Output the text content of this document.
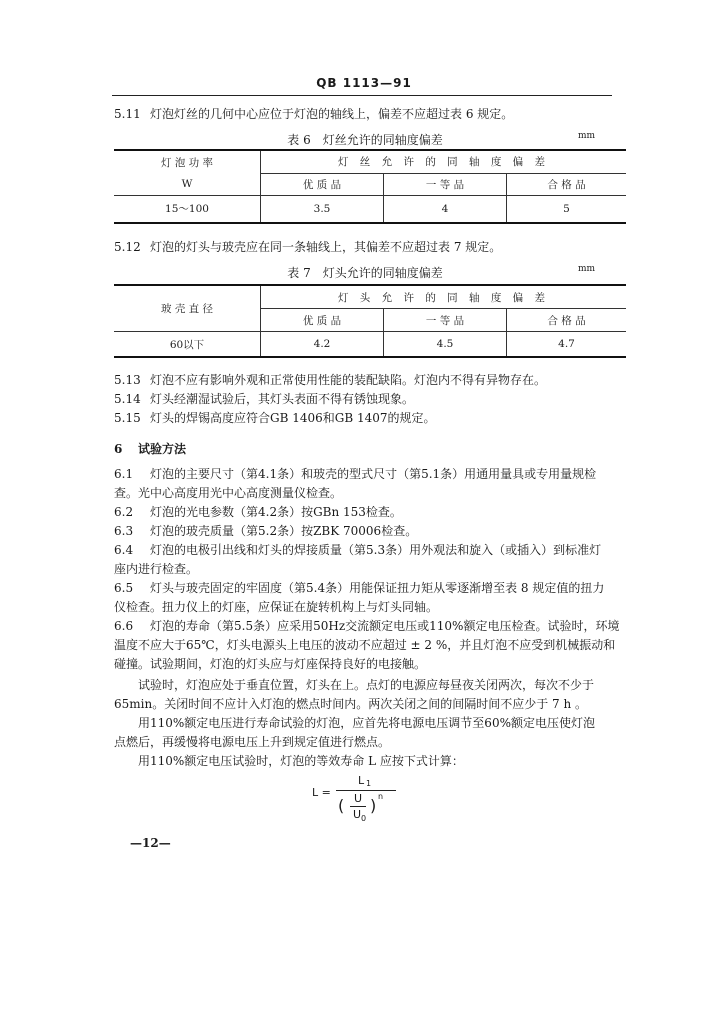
QB 1113—91
5.11 灯泡灯丝的几何中心应位于灯泡的轴线上，偏差不应超过表 6 规定。
表 6　灯丝允许的同轴度偏差	mm
灯 泡 功 率	灯 丝 允 许 的 同 轴 度 偏 差		
W	优 质 品	一 等 品	合 格 品
15～100	3.5	4	5
5.12 灯泡的灯头与玻壳应在同一条轴线上，其偏差不应超过表 7 规定。
表 7　灯头允许的同轴度偏差	mm
玻 壳 直 径	灯 头 允 许 的 同 轴 度 偏 差		
	优 质 品	一 等 品	合 格 品
60以下	4.2	4.5	4.7
5.13 灯泡不应有影响外观和正常使用性能的装配缺陷。灯泡内不得有异物存在。
5.14 灯头经潮湿试验后，其灯头表面不得有锈蚀现象。
5.15 灯头的焊锡高度应符合GB 1406和GB 1407的规定。
6 试验方法
6.1 灯泡的主要尺寸（第4.1条）和玻壳的型式尺寸（第5.1条）用通用量具或专用量规检
查。光中心高度用光中心高度测量仪检查。
6.2 灯泡的光电参数（第4.2条）按GBn 153检查。
6.3 灯泡的玻壳质量（第5.2条）按ZBK 70006检查。
6.4 灯泡的电极引出线和灯头的焊接质量（第5.3条）用外观法和旋入（或插入）到标准灯
座内进行检查。
6.5 灯头与玻壳固定的牢固度（第5.4条）用能保证扭力矩从零逐渐增至表 8 规定值的扭力
仪检查。扭力仪上的灯座，应保证在旋转机构上与灯头同轴。
6.6 灯泡的寿命（第5.5条）应采用50Hz交流额定电压或110%额定电压检查。试验时，环境
温度不应大于65℃，灯头电源头上电压的波动不应超过 ± 2 %，并且灯泡不应受到机械振动和
碰撞。试验期间，灯泡的灯头应与灯座保持良好的电接触。
试验时，灯泡应处于垂直位置，灯头在上。点灯的电源应每昼夜关闭两次，每次不少于
65min。关闭时间不应计入灯泡的燃点时间内。两次关闭之间的间隔时间不应少于 7 h 。
用110%额定电压进行寿命试验的灯泡，应首先将电源电压调节至60%额定电压使灯泡
点燃后，再缓慢将电源电压上升到规定值进行燃点。
用110%额定电压试验时，灯泡的等效寿命 L 应按下式计算：
L =
L 1
( U
U 0
) n
—12—
